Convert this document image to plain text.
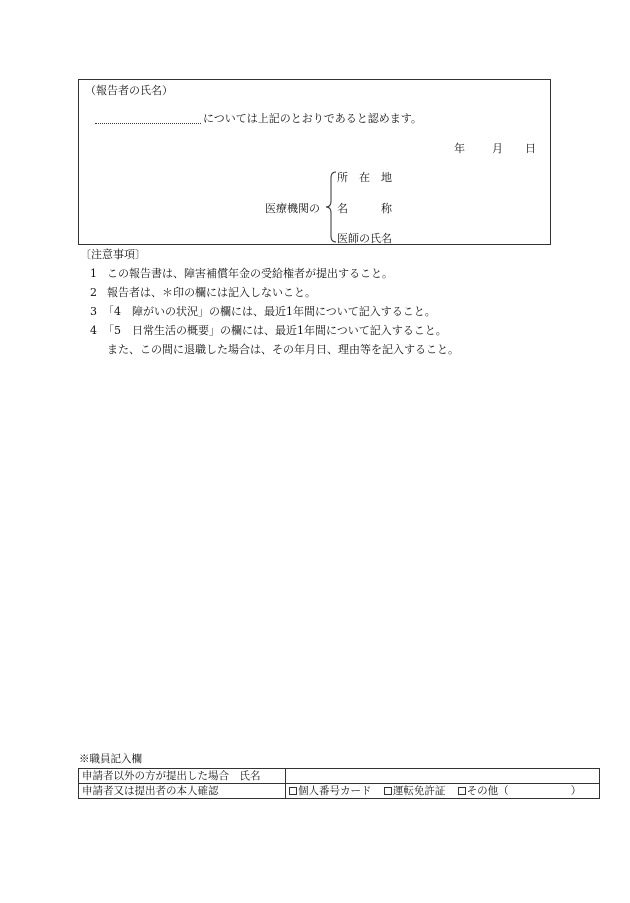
（報告者の氏名）
については上記のとおりであると認めます。
年 月 日
医療機関の
所　在　地
名　　　称
医師の氏名
〔注意事項〕
1 この報告書は、障害補償年金の受給権者が提出すること。
2 報告者は、＊印の欄には記入しないこと。
3 「4　障がいの状況」の欄には、最近1年間について記入すること。
4 「5　日常生活の概要」の欄には、最近1年間について記入すること。
また、この間に退職した場合は、その年月日、理由等を記入すること。
※職員記入欄
申請者以外の方が提出した場合　氏名	
申請者又は提出者の本人確認	個人番号カード 運転免許証 その他（ ）
